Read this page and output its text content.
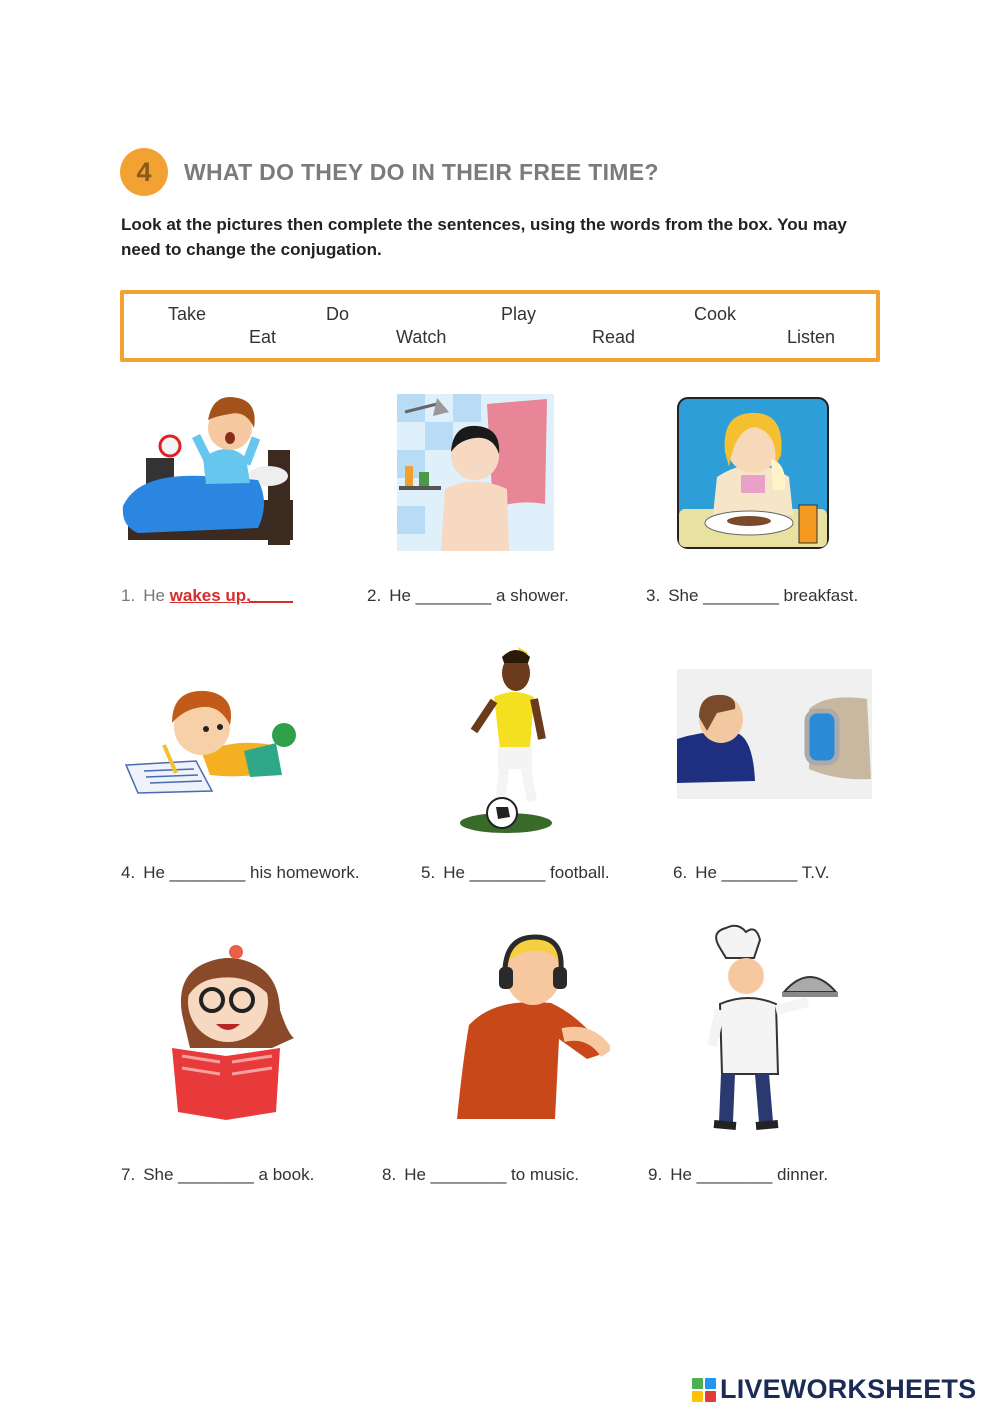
4	WHAT DO THEY DO IN THEIR FREE TIME?
Look at the pictures then complete the sentences, using the words from the box. You may need to change the conjugation.
Take	Do	Play	Cook
Eat	Watch	Read	Listen
1. He wakes up.	2. He ________ a shower.	3. She ________ breakfast.
4. He ________ his homework.	5. He ________ football.	6. He ________ T.V.
7. She ________ a book.	8. He ________ to music.	9. He ________ dinner.
LIVEWORKSHEETS
